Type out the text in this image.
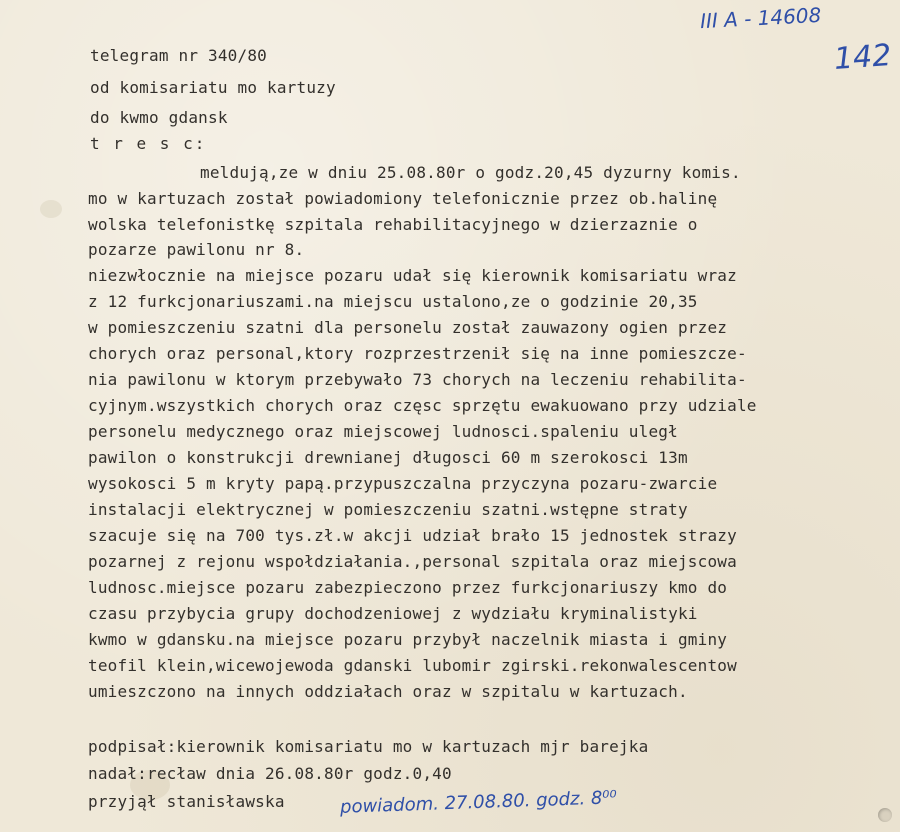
III A - 14608
142
telegram nr 340/80
od komisariatu mo kartuzy
do kwmo gdansk
t r e s c:
meldują,ze w dniu 25.08.80r o godz.20,45 dyzurny komis.
mo w kartuzach został powiadomiony telefonicznie przez ob.halinę
wolska telefonistkę szpitala rehabilitacyjnego w dzierzaznie o
pozarze pawilonu nr 8.
niezwłocznie na miejsce pozaru udał się kierownik komisariatu wraz
z 12 furkcjonariuszami.na miejscu ustalono,ze o godzinie 20,35
w pomieszczeniu szatni dla personelu został zauwazony ogien przez
chorych oraz personal,ktory rozprzestrzenił się na inne pomieszcze-
nia pawilonu w ktorym przebywało 73 chorych na leczeniu rehabilita-
cyjnym.wszystkich chorych oraz częsc sprzętu ewakuowano przy udziale
personelu medycznego oraz miejscowej ludnosci.spaleniu uległ
pawilon o konstrukcji drewnianej długosci 60 m szerokosci 13m
wysokosci 5 m kryty papą.przypuszczalna przyczyna pozaru-zwarcie
instalacji elektrycznej w pomieszczeniu szatni.wstępne straty
szacuje się na 700 tys.zł.w akcji udział brało 15 jednostek strazy
pozarnej z rejonu wspołdziałania.,personal szpitala oraz miejscowa
ludnosc.miejsce pozaru zabezpieczono przez furkcjonariuszy kmo do
czasu przybycia grupy dochodzeniowej z wydziału kryminalistyki
kwmo w gdansku.na miejsce pozaru przybył naczelnik miasta i gminy
teofil klein,wicewojewoda gdanski lubomir zgirski.rekonwalescentow
umieszczono na innych oddziałach oraz w szpitalu w kartuzach.
podpisał:kierownik komisariatu mo w kartuzach mjr barejka
nadał:recław dnia 26.08.80r godz.0,40
przyjął stanisławska	powiadom. 27.08.80. godz. 8⁰⁰
